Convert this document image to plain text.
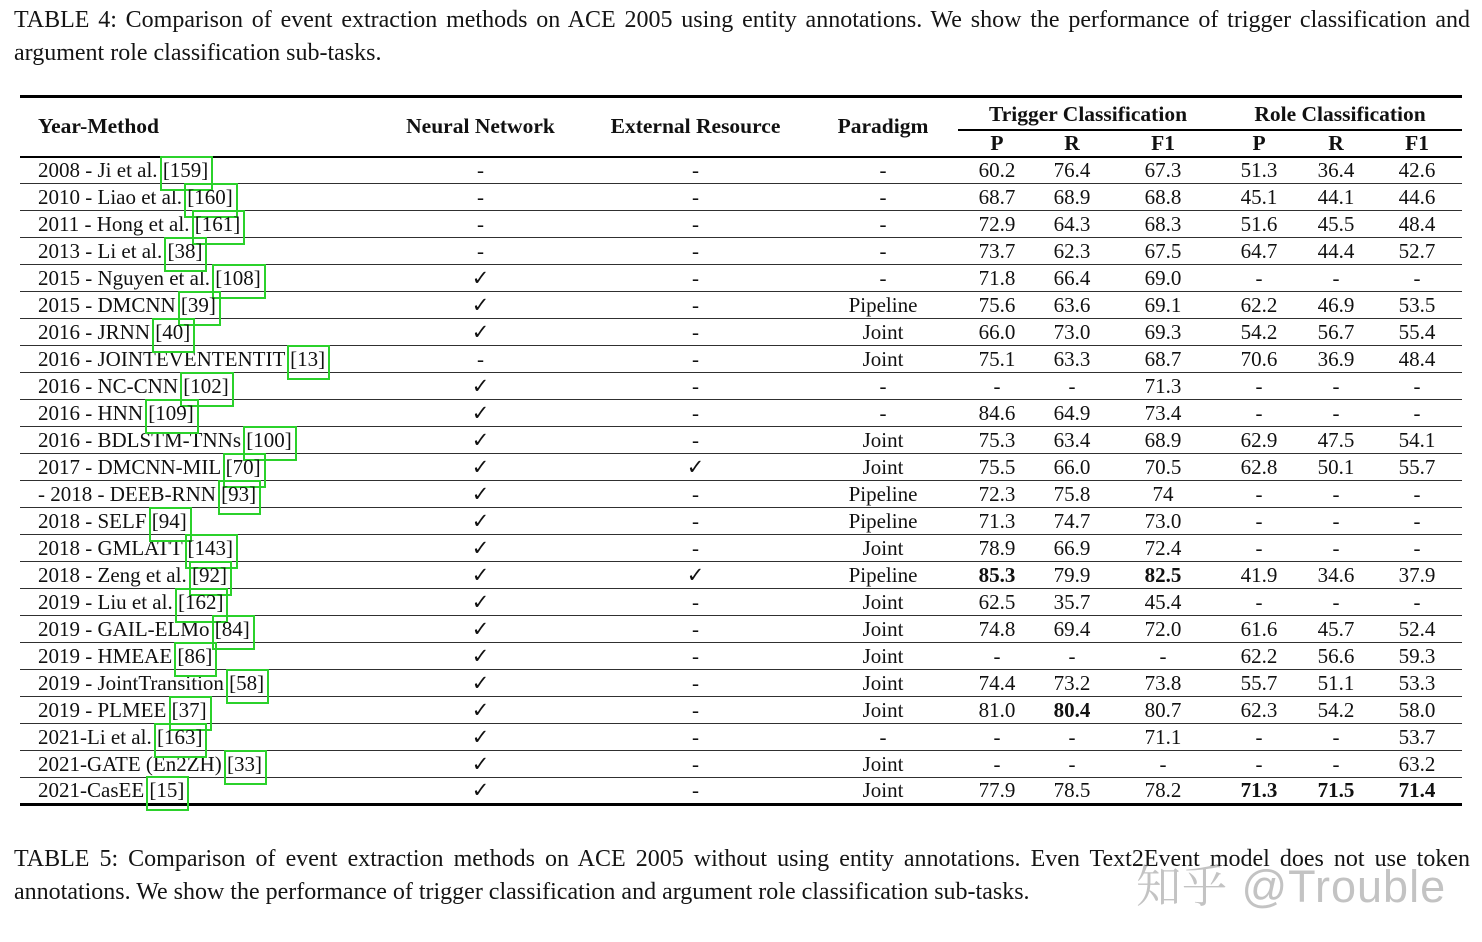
TABLE 4: Comparison of event extraction methods on ACE 2005 using entity annotations. We show the performance of trigger classification and argument role classification sub-tasks.

Year-Method	Neural Network	External Resource	Paradigm	Trigger Classification			Role Classification		
				P	R	F1	P	R	F1
2008 - Ji et al. [159]	-	-	-	60.2	76.4	67.3	51.3	36.4	42.6
2010 - Liao et al. [160]	-	-	-	68.7	68.9	68.8	45.1	44.1	44.6
2011 - Hong et al. [161]	-	-	-	72.9	64.3	68.3	51.6	45.5	48.4
2013 - Li et al. [38]	-	-	-	73.7	62.3	67.5	64.7	44.4	52.7
2015 - Nguyen et al. [108]	✓	-	-	71.8	66.4	69.0	-	-	-
2015 - DMCNN [39]	✓	-	Pipeline	75.6	63.6	69.1	62.2	46.9	53.5
2016 - JRNN [40]	✓	-	Joint	66.0	73.0	69.3	54.2	56.7	55.4
2016 - JOINTEVENTENTIT [13]	-	-	Joint	75.1	63.3	68.7	70.6	36.9	48.4
2016 - NC-CNN [102]	✓	-	-	-	-	71.3	-	-	-
2016 - HNN [109]	✓	-	-	84.6	64.9	73.4	-	-	-
2016 - BDLSTM-TNNs [100]	✓	-	Joint	75.3	63.4	68.9	62.9	47.5	54.1
2017 - DMCNN-MIL [70]	✓	✓	Joint	75.5	66.0	70.5	62.8	50.1	55.7
- 2018 - DEEB-RNN [93]	✓	-	Pipeline	72.3	75.8	74	-	-	-
2018 - SELF [94]	✓	-	Pipeline	71.3	74.7	73.0	-	-	-
2018 - GMLATT [143]	✓	-	Joint	78.9	66.9	72.4	-	-	-
2018 - Zeng et al. [92]	✓	✓	Pipeline	85.3	79.9	82.5	41.9	34.6	37.9
2019 - Liu et al. [162]	✓	-	Joint	62.5	35.7	45.4	-	-	-
2019 - GAIL-ELMo [84]	✓	-	Joint	74.8	69.4	72.0	61.6	45.7	52.4
2019 - HMEAE [86]	✓	-	Joint	-	-	-	62.2	56.6	59.3
2019 - JointTransition [58]	✓	-	Joint	74.4	73.2	73.8	55.7	51.1	53.3
2019 - PLMEE [37]	✓	-	Joint	81.0	80.4	80.7	62.3	54.2	58.0
2021-Li et al. [163]	✓	-	-	-	-	71.1	-	-	53.7
2021-GATE (En2ZH) [33]	✓	-	Joint	-	-	-	-	-	63.2
2021-CasEE [15]	✓	-	Joint	77.9	78.5	78.2	71.3	71.5	71.4

TABLE 5: Comparison of event extraction methods on ACE 2005 without using entity annotations. Even Text2Event model does not use token annotations. We show the performance of trigger classification and argument role classification sub-tasks.	知乎 @Trouble
